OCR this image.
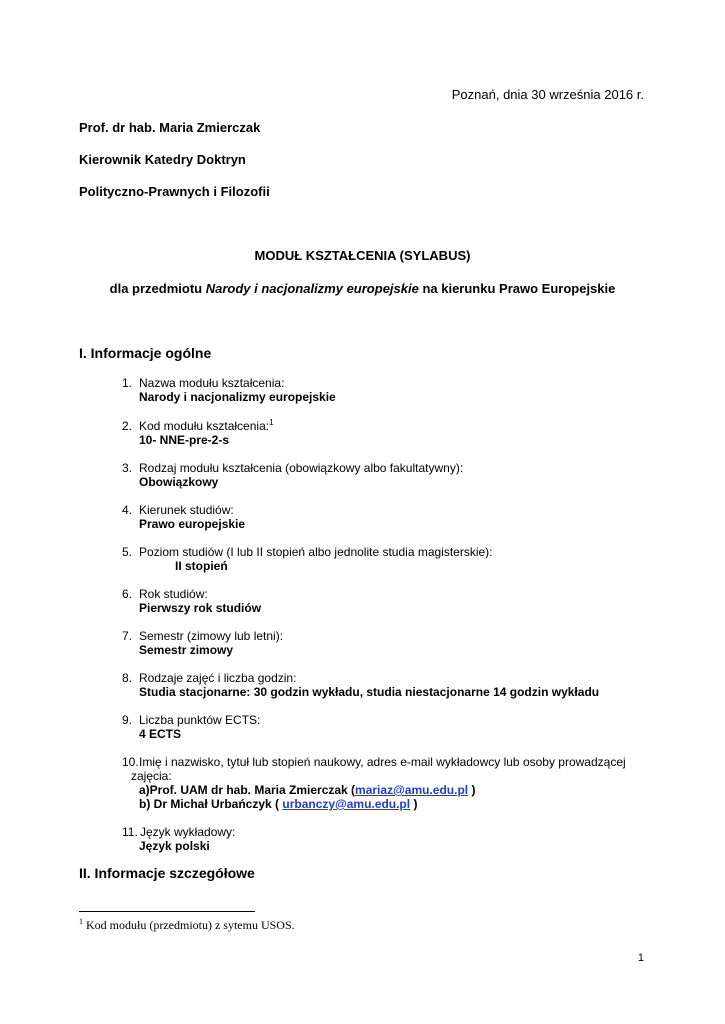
Poznań, dnia 30 września 2016 r.
Prof. dr hab. Maria Zmierczak
Kierownik Katedry Doktryn
Polityczno-Prawnych i Filozofii
MODUŁ KSZTAŁCENIA (SYLABUS)
dla przedmiotu Narody i nacjonalizmy europejskie na kierunku Prawo Europejskie
I. Informacje ogólne
1. Nazwa modułu kształcenia:
Narody i nacjonalizmy europejskie
2. Kod modułu kształcenia:$^1$
10- NNE-pre-2-s
3. Rodzaj modułu kształcenia (obowiązkowy albo fakultatywny):
Obowiązkowy
4. Kierunek studiów:
Prawo europejskie
5. Poziom studiów (I lub II stopień albo jednolite studia magisterskie):
II stopień
6. Rok studiów:
Pierwszy rok studiów
7. Semestr (zimowy lub letni):
Semestr zimowy
8. Rodzaje zajęć i liczba godzin:
Studia stacjonarne: 30 godzin wykładu, studia niestacjonarne 14 godzin wykładu
9. Liczba punktów ECTS:
4 ECTS
10. Imię i nazwisko, tytuł lub stopień naukowy, adres e-mail wykładowcy lub osoby prowadzącej
zajęcia:
a)Prof. UAM dr hab. Maria Zmierczak (mariaz@amu.edu.pl )
b) Dr Michał Urbańczyk ( urbanczy@amu.edu.pl )
11. Język wykładowy:
Język polski
II. Informacje szczegółowe
$^1$ Kod modułu (przedmiotu) z sytemu USOS.
1
